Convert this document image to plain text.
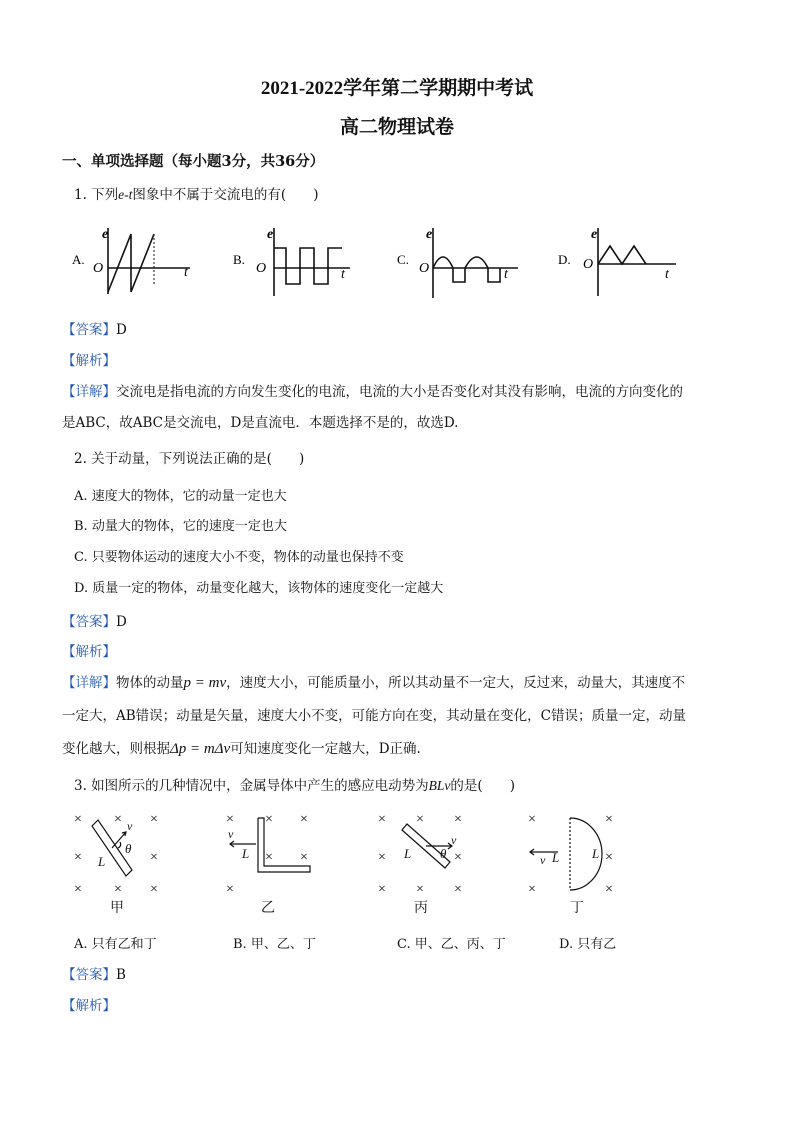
2021-2022学年第二学期期中考试
高二物理试卷
一、单项选择题（每小题3分，共36分）
1. 下列e-t图象中不属于交流电的有(　　)
A.	B.	C.	D.
e
O	t
e
O	t
e
O	t
e
O
t
【答案】D
【解析】
【详解】交流电是指电流的方向发生变化的电流，电流的大小是否变化对其没有影响，电流的方向变化的
是ABC，故ABC是交流电，D是直流电．本题选择不是的，故选D.
2. 关于动量，下列说法正确的是(　　)
A. 速度大的物体，它的动量一定也大
B. 动量大的物体，它的速度一定也大
C. 只要物体运动的速度大小不变，物体的动量也保持不变
D. 质量一定的物体，动量变化越大，该物体的速度变化一定越大
【答案】D
【解析】
【详解】物体的动量p = mv，速度大小，可能质量小，所以其动量不一定大，反过来，动量大，其速度不
一定大，AB错误；动量是矢量，速度大小不变，可能方向在变，其动量在变化，C错误；质量一定，动量
变化越大，则根据Δp = mΔv可知速度变化一定越大，D正确.
3. 如图所示的几种情况中，金属导体中产生的感应电动势为BLv的是(　　)
× × ×
×	×
× × ×
v
L
θ
甲
× × ×
× ×
×
v
L
乙
× × ×
×	×
× × ×
v
L θ
丙
×	×
×	×
×
v L	L
丁
A. 只有乙和丁	B. 甲、乙、丁	C. 甲、乙、丙、丁	D. 只有乙
【答案】B
【解析】
